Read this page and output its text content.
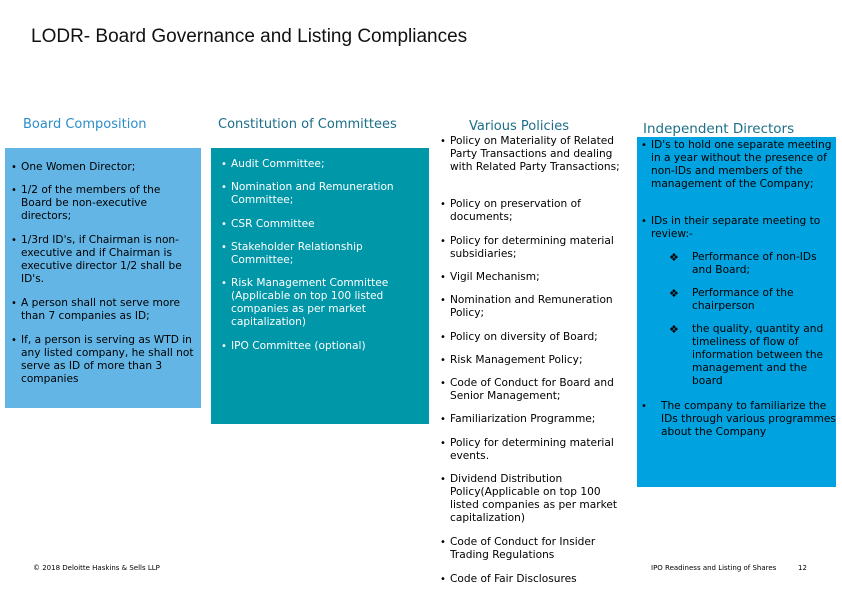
LODR- Board Governance and Listing Compliances
Board Composition
• One Women Director;
• 1/2 of the members of the Board be non-executive directors;
• 1/3rd ID's, if Chairman is non-executive and if Chairman is executive director 1/2 shall be ID's.
• A person shall not serve more than 7 companies as ID;
• If, a person is serving as WTD in any listed company, he shall not serve as ID of more than 3 companies
Constitution of Committees
• Audit Committee;
• Nomination and Remuneration Committee;
• CSR Committee
• Stakeholder Relationship Committee;
• Risk Management Committee (Applicable on top 100 listed companies as per market capitalization)
• IPO Committee (optional)
Various Policies
• Policy on Materiality of Related Party Transactions and dealing with Related Party Transactions;
• Policy on preservation of documents;
• Policy for determining material subsidiaries;
• Vigil Mechanism;
• Nomination and Remuneration Policy;
• Policy on diversity of Board;
• Risk Management Policy;
• Code of Conduct for Board and Senior Management;
• Familiarization Programme;
• Policy for determining material events.
• Dividend Distribution Policy(Applicable on top 100 listed companies as per market capitalization)
• Code of Conduct for Insider Trading Regulations
• Code of Fair Disclosures
Independent Directors
• ID's to hold one separate meeting in a year without the presence of non-IDs and members of the management of the Company;
• IDs in their separate meeting to review:-
• The company to familiarize the IDs through various programmes about the Company
❖ Performance of non-IDs and Board;
❖ Performance of the chairperson
❖ the quality, quantity and timeliness of flow of information between the management and the board
© 2018 Deloitte Haskins & Sells LLP	IPO Readiness and Listing of Shares	12
